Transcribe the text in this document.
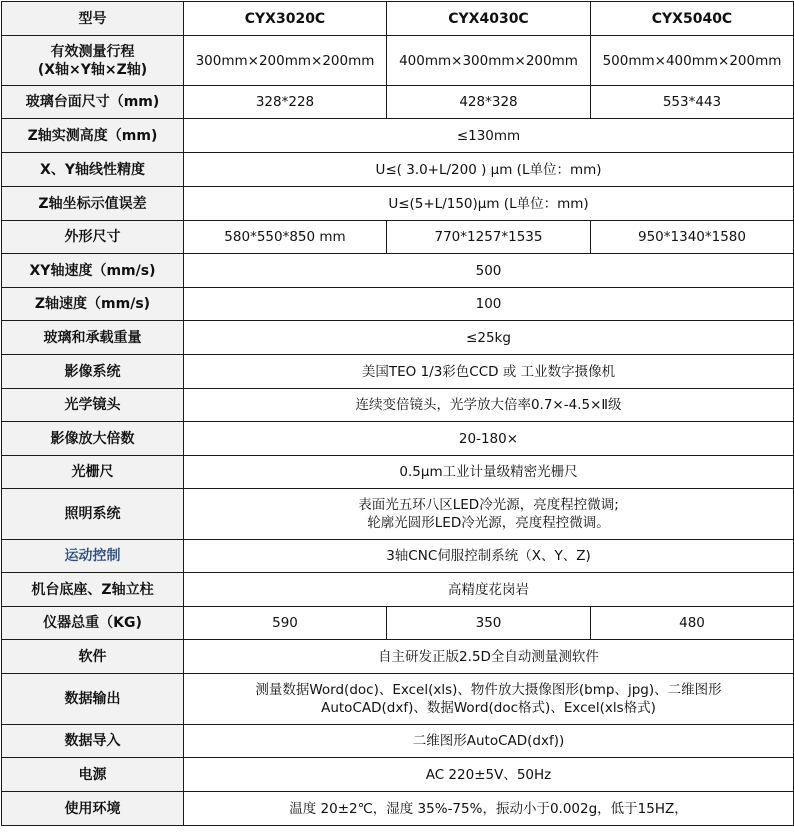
型号	CYX3020C	CYX4030C	CYX5040C

有效测量行程
(X轴×Y轴×Z轴)	300mm×200mm×200mm	400mm×300mm×200mm	500mm×400mm×200mm

玻璃台面尺寸（mm)	328*228	428*328	553*443

Z轴实测高度（mm)	≤130mm		

X、Y轴线性精度	U≤( 3.0+L/200 ) μm (L单位：mm)		

Z轴坐标示值误差	U≤(5+L/150)μm (L单位：mm)		

外形尺寸	580*550*850 mm	770*1257*1535	950*1340*1580

XY轴速度（mm/s)	500		

Z轴速度（mm/s)	100		

玻璃和承载重量	≤25kg		

影像系统	美国TEO 1/3彩色CCD 或 工业数字摄像机		

光学镜头	连续变倍镜头，光学放大倍率0.7×-4.5×Ⅱ级		

影像放大倍数	20-180×		

光栅尺	0.5μm工业计量级精密光栅尺		

照明系统	表面光五环八区LED冷光源，亮度程控微调;
轮廓光圆形LED冷光源，亮度程控微调。		

运动控制	3轴CNC伺服控制系统（X、Y、Z)		

机台底座、Z轴立柱	高精度花岗岩		

仪器总重（KG)	590	350	480

软件	自主研发正版2.5D全自动测量测软件		

数据输出	测量数据Word(doc)、Excel(xls)、物件放大摄像图形(bmp、jpg)、二维图形
AutoCAD(dxf)、数据Word(doc格式)、Excel(xls格式)		

数据导入	二维图形AutoCAD(dxf))		

电源	AC 220±5V、50Hz		

使用环境	温度 20±2℃，湿度 35%-75%，振动小于0.002g，低于15HZ，		
